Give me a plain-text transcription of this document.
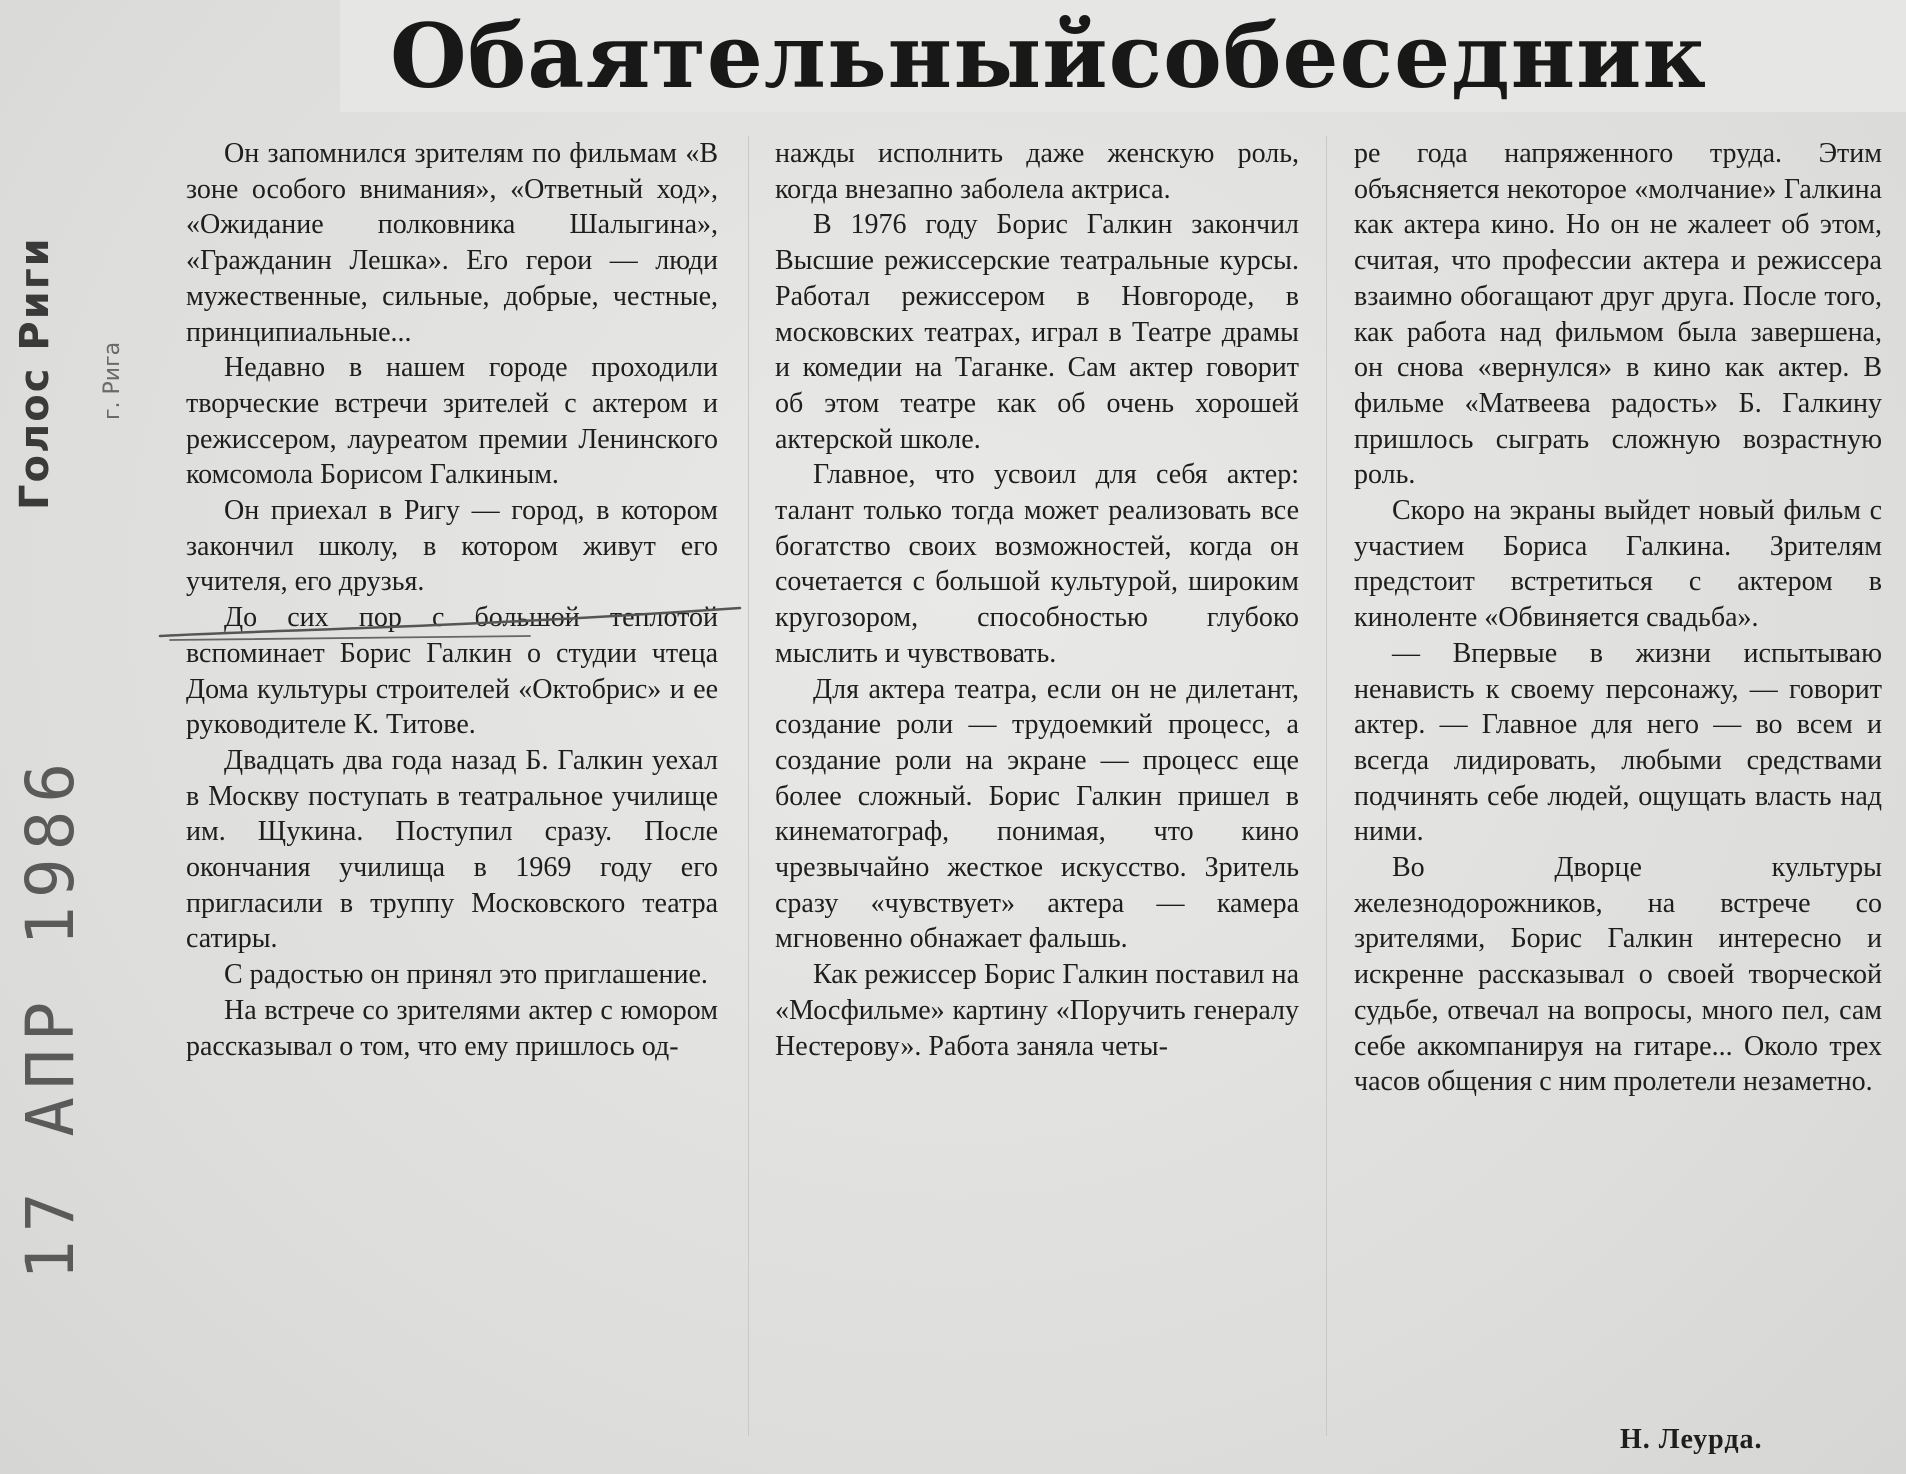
Обаятельный собеседник
Голос Риги г. Рига
17 АПР 1986

Он запомнился зрителям по фильмам «В зоне особого внимания», «Ответный ход», «Ожидание полковника Шалыгина», «Гражданин Лешка». Его герои — люди мужественные, сильные, добрые, честные, принципиальные...

Недавно в нашем городе проходили творческие встречи зрителей с актером и режиссером, лауреатом премии Ленинского комсомола Борисом Галкиным.

Он приехал в Ригу — город, в котором закончил школу, в котором живут его учителя, его друзья.

До сих пор с большой теплотой вспоминает Борис Галкин о студии чтеца Дома культуры строителей «Октобрис» и ее руководителе К. Титове.

Двадцать два года назад Б. Галкин уехал в Москву поступать в театральное училище им. Щукина. Поступил сразу. После окончания училища в 1969 году его пригласили в труппу Московского театра сатиры.

С радостью он принял это приглашение.

На встрече со зрителями актер с юмором рассказывал о том, что ему пришлось од-

нажды исполнить даже женскую роль, когда внезапно заболела актриса.

В 1976 году Борис Галкин закончил Высшие режиссерские театральные курсы. Работал режиссером в Новгороде, в московских театрах, играл в Театре драмы и комедии на Таганке. Сам актер говорит об этом театре как об очень хорошей актерской школе.

Главное, что усвоил для себя актер: талант только тогда может реализовать все богатство своих возможностей, когда он сочетается с большой культурой, широким кругозором, способностью глубоко мыслить и чувствовать.

Для актера театра, если он не дилетант, создание роли — трудоемкий процесс, а создание роли на экране — процесс еще более сложный. Борис Галкин пришел в кинематограф, понимая, что кино чрезвычайно жесткое искусство. Зритель сразу «чувствует» актера — камера мгновенно обнажает фальшь.

Как режиссер Борис Галкин поставил на «Мосфильме» картину «Поручить генералу Нестерову». Работа заняла четы-

ре года напряженного труда. Этим объясняется некоторое «молчание» Галкина как актера кино. Но он не жалеет об этом, считая, что профессии актера и режиссера взаимно обогащают друг друга. После того, как работа над фильмом была завершена, он снова «вернулся» в кино как актер. В фильме «Матвеева радость» Б. Галкину пришлось сыграть сложную возрастную роль.

Скоро на экраны выйдет новый фильм с участием Бориса Галкина. Зрителям предстоит встретиться с актером в киноленте «Обвиняется свадьба».

— Впервые в жизни испытываю ненависть к своему персонажу, — говорит актер. — Главное для него — во всем и всегда лидировать, любыми средствами подчинять себе людей, ощущать власть над ними.

Во Дворце культуры железнодорожников, на встрече со зрителями, Борис Галкин интересно и искренне рассказывал о своей творческой судьбе, отвечал на вопросы, много пел, сам себе аккомпанируя на гитаре... Около трех часов общения с ним пролетели незаметно.

Н. Леурда.
